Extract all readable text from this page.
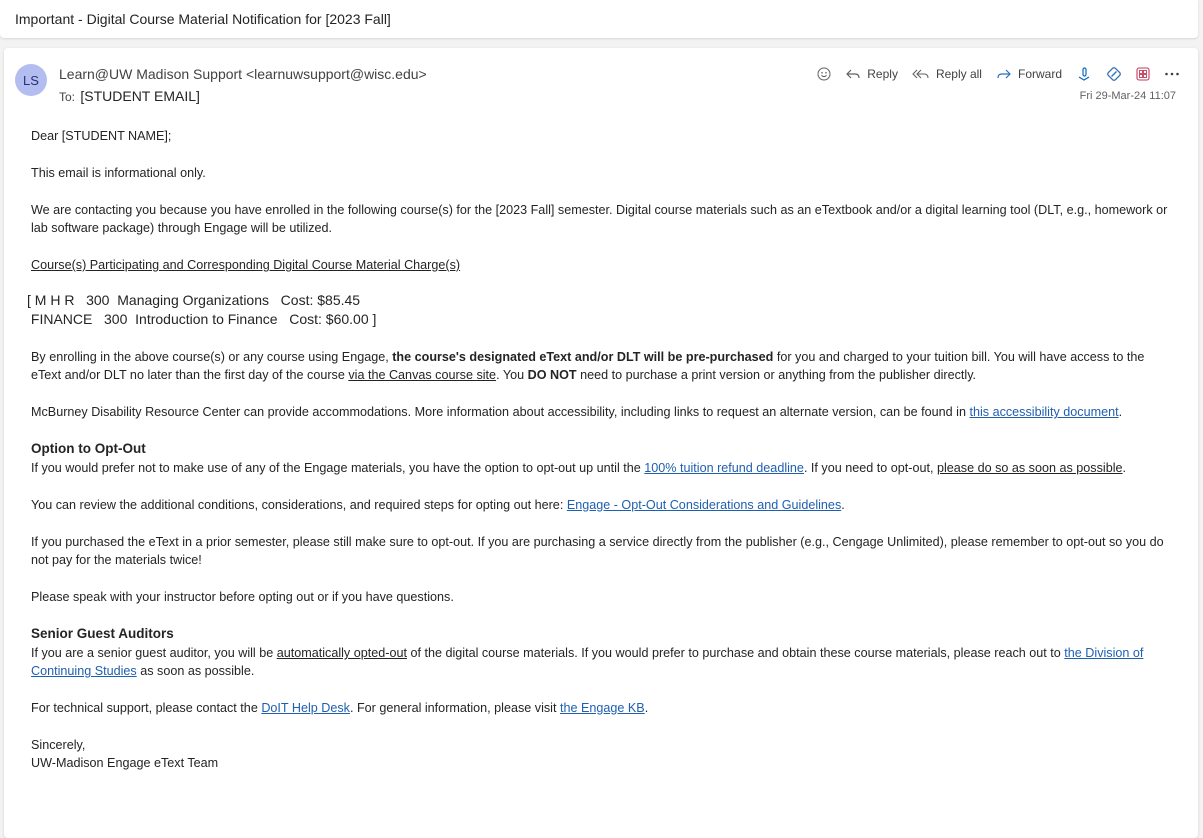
Important - Digital Course Material Notification for [2023 Fall]
LS Learn@UW Madison Support <learnuwsupport@wisc.edu>
To: [STUDENT EMAIL]
Reply	Reply all	Forward
Fri 29-Mar-24 11:07

Dear [STUDENT NAME];

This email is informational only.

We are contacting you because you have enrolled in the following course(s) for the [2023 Fall] semester. Digital course materials such as an eTextbook and/or a digital learning tool (DLT, e.g., homework or lab software package) through Engage will be utilized.

Course(s) Participating and Corresponding Digital Course Material Charge(s)

[ M H R   300  Managing Organizations   Cost: $85.45
FINANCE   300  Introduction to Finance   Cost: $60.00 ]

By enrolling in the above course(s) or any course using Engage, the course's designated eText and/or DLT will be pre-purchased for you and charged to your tuition bill. You will have access to the eText and/or DLT no later than the first day of the course via the Canvas course site. You DO NOT need to purchase a print version or anything from the publisher directly.

McBurney Disability Resource Center can provide accommodations. More information about accessibility, including links to request an alternate version, can be found in this accessibility document.

Option to Opt-Out
If you would prefer not to make use of any of the Engage materials, you have the option to opt-out up until the 100% tuition refund deadline. If you need to opt-out, please do so as soon as possible.

You can review the additional conditions, considerations, and required steps for opting out here: Engage - Opt-Out Considerations and Guidelines.

If you purchased the eText in a prior semester, please still make sure to opt-out. If you are purchasing a service directly from the publisher (e.g., Cengage Unlimited), please remember to opt-out so you do not pay for the materials twice!

Please speak with your instructor before opting out or if you have questions.

Senior Guest Auditors
If you are a senior guest auditor, you will be automatically opted-out of the digital course materials. If you would prefer to purchase and obtain these course materials, please reach out to the Division of Continuing Studies as soon as possible.

For technical support, please contact the DoIT Help Desk. For general information, please visit the Engage KB.

Sincerely,

UW-Madison Engage eText Team
